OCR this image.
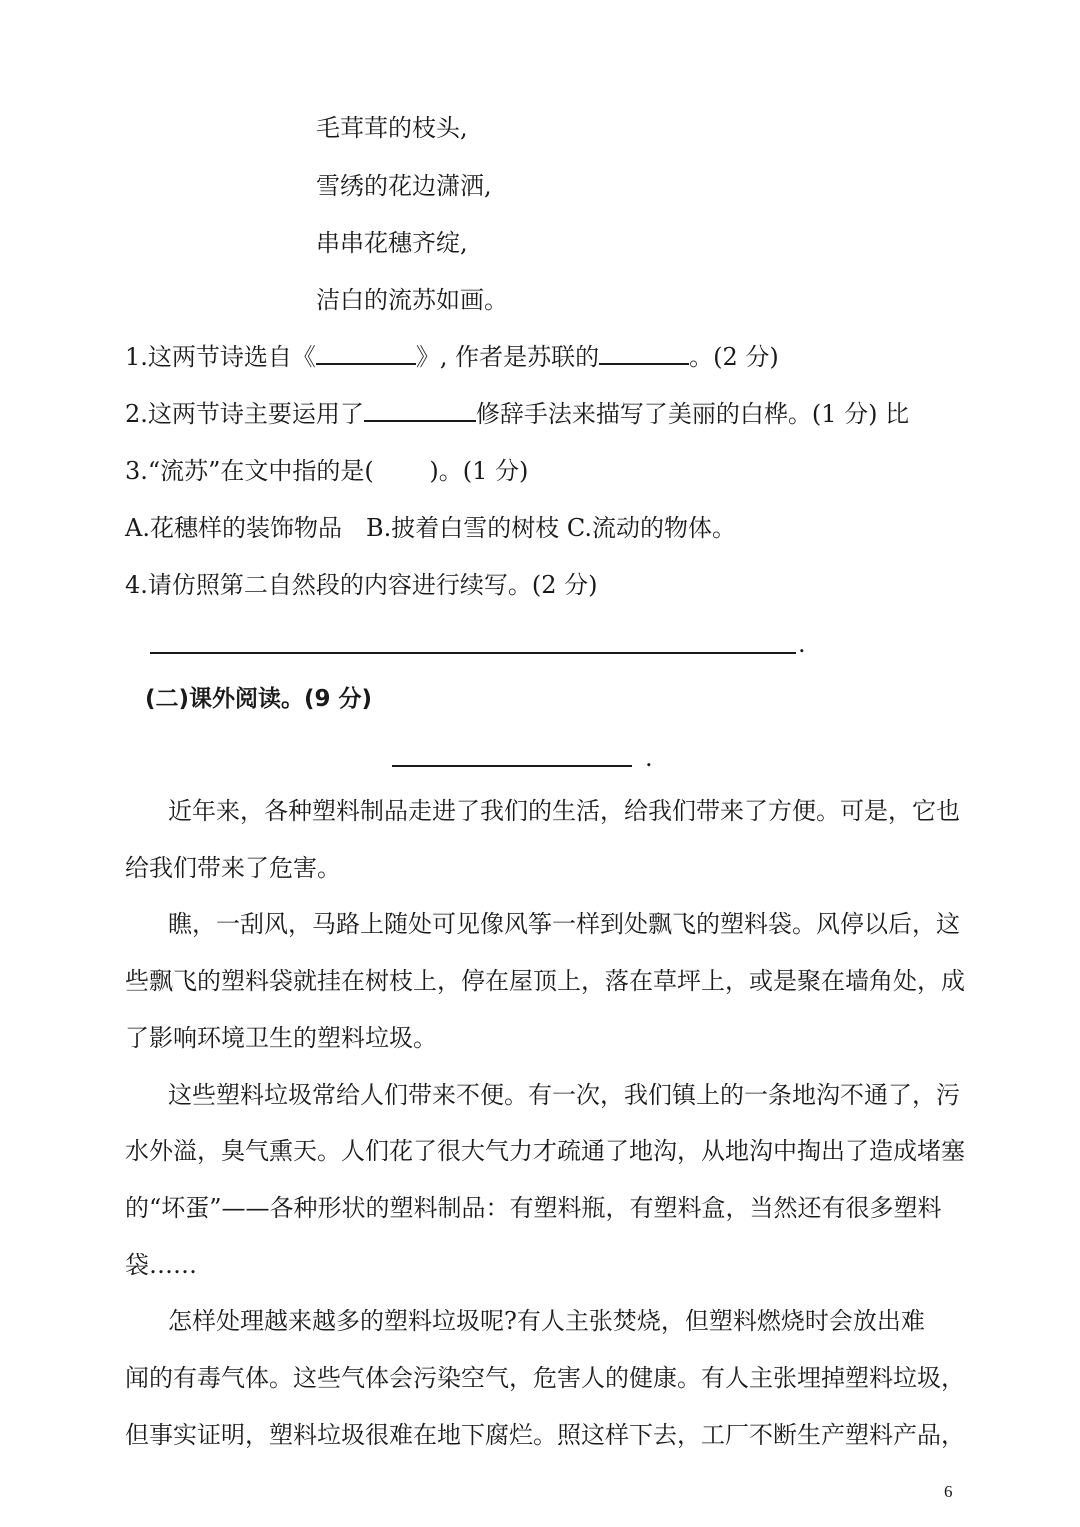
毛茸茸的枝头,
雪绣的花边潇洒,
串串花穗齐绽,
洁白的流苏如画。
1.这两节诗选自《	》, 作者是苏联的	。(2 分)
2.这两节诗主要运用了	修辞手法来描写了美丽的白桦。(1 分) 比
3.“流苏”在文中指的是(　　 )。(1 分)
A.花穗样的装饰物品　B.披着白雪的树枝 C.流动的物体。
4.请仿照第二自然段的内容进行续写。(2 分)
.
(二)课外阅读。(9 分)
.
近年来，各种塑料制品走进了我们的生活，给我们带来了方便。可是，它也
给我们带来了危害。
瞧，一刮风，马路上随处可见像风筝一样到处飘飞的塑料袋。风停以后，这
些飘飞的塑料袋就挂在树枝上，停在屋顶上，落在草坪上，或是聚在墙角处，成
了影响环境卫生的塑料垃圾。
这些塑料垃圾常给人们带来不便。有一次，我们镇上的一条地沟不通了，污
水外溢，臭气熏天。人们花了很大气力才疏通了地沟，从地沟中掏出了造成堵塞
的“坏蛋”——各种形状的塑料制品：有塑料瓶，有塑料盒，当然还有很多塑料
袋……
怎样处理越来越多的塑料垃圾呢?有人主张焚烧，但塑料燃烧时会放出难
闻的有毒气体。这些气体会污染空气，危害人的健康。有人主张埋掉塑料垃圾，
但事实证明，塑料垃圾很难在地下腐烂。照这样下去，工厂不断生产塑料产品，
6
